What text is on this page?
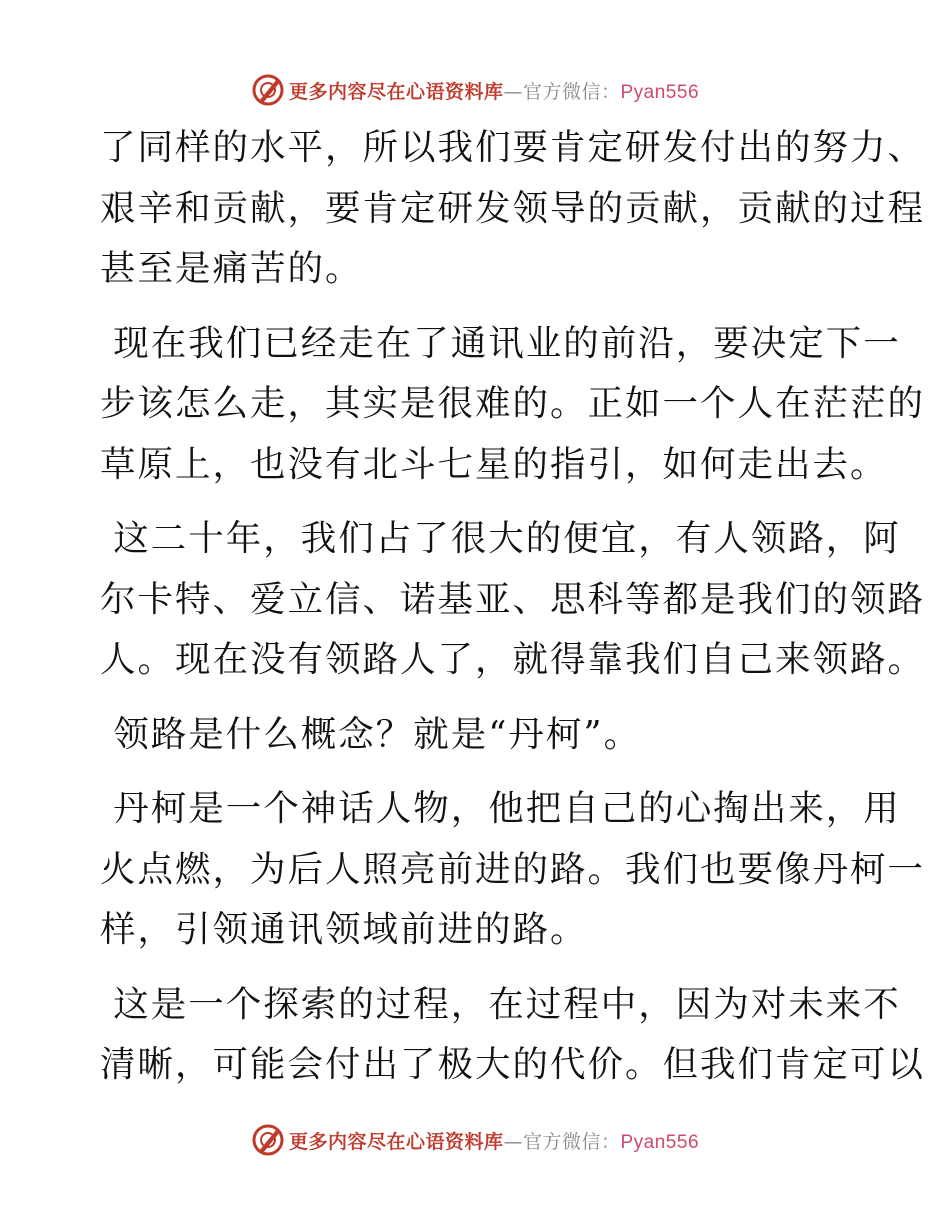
更多内容尽在心语资料库—官方微信：Pyan556

了同样的水平，所以我们要肯定研发付出的努力、
艰辛和贡献，要肯定研发领导的贡献，贡献的过程
甚至是痛苦的。

现在我们已经走在了通讯业的前沿，要决定下一
步该怎么走，其实是很难的。正如一个人在茫茫的
草原上，也没有北斗七星的指引，如何走出去。

这二十年，我们占了很大的便宜，有人领路，阿
尔卡特、爱立信、诺基亚、思科等都是我们的领路
人。现在没有领路人了，就得靠我们自己来领路。

领路是什么概念？就是“丹柯”。

丹柯是一个神话人物，他把自己的心掏出来，用
火点燃，为后人照亮前进的路。我们也要像丹柯一
样，引领通讯领域前进的路。

这是一个探索的过程，在过程中，因为对未来不
清晰，可能会付出了极大的代价。但我们肯定可以

更多内容尽在心语资料库—官方微信：Pyan556
